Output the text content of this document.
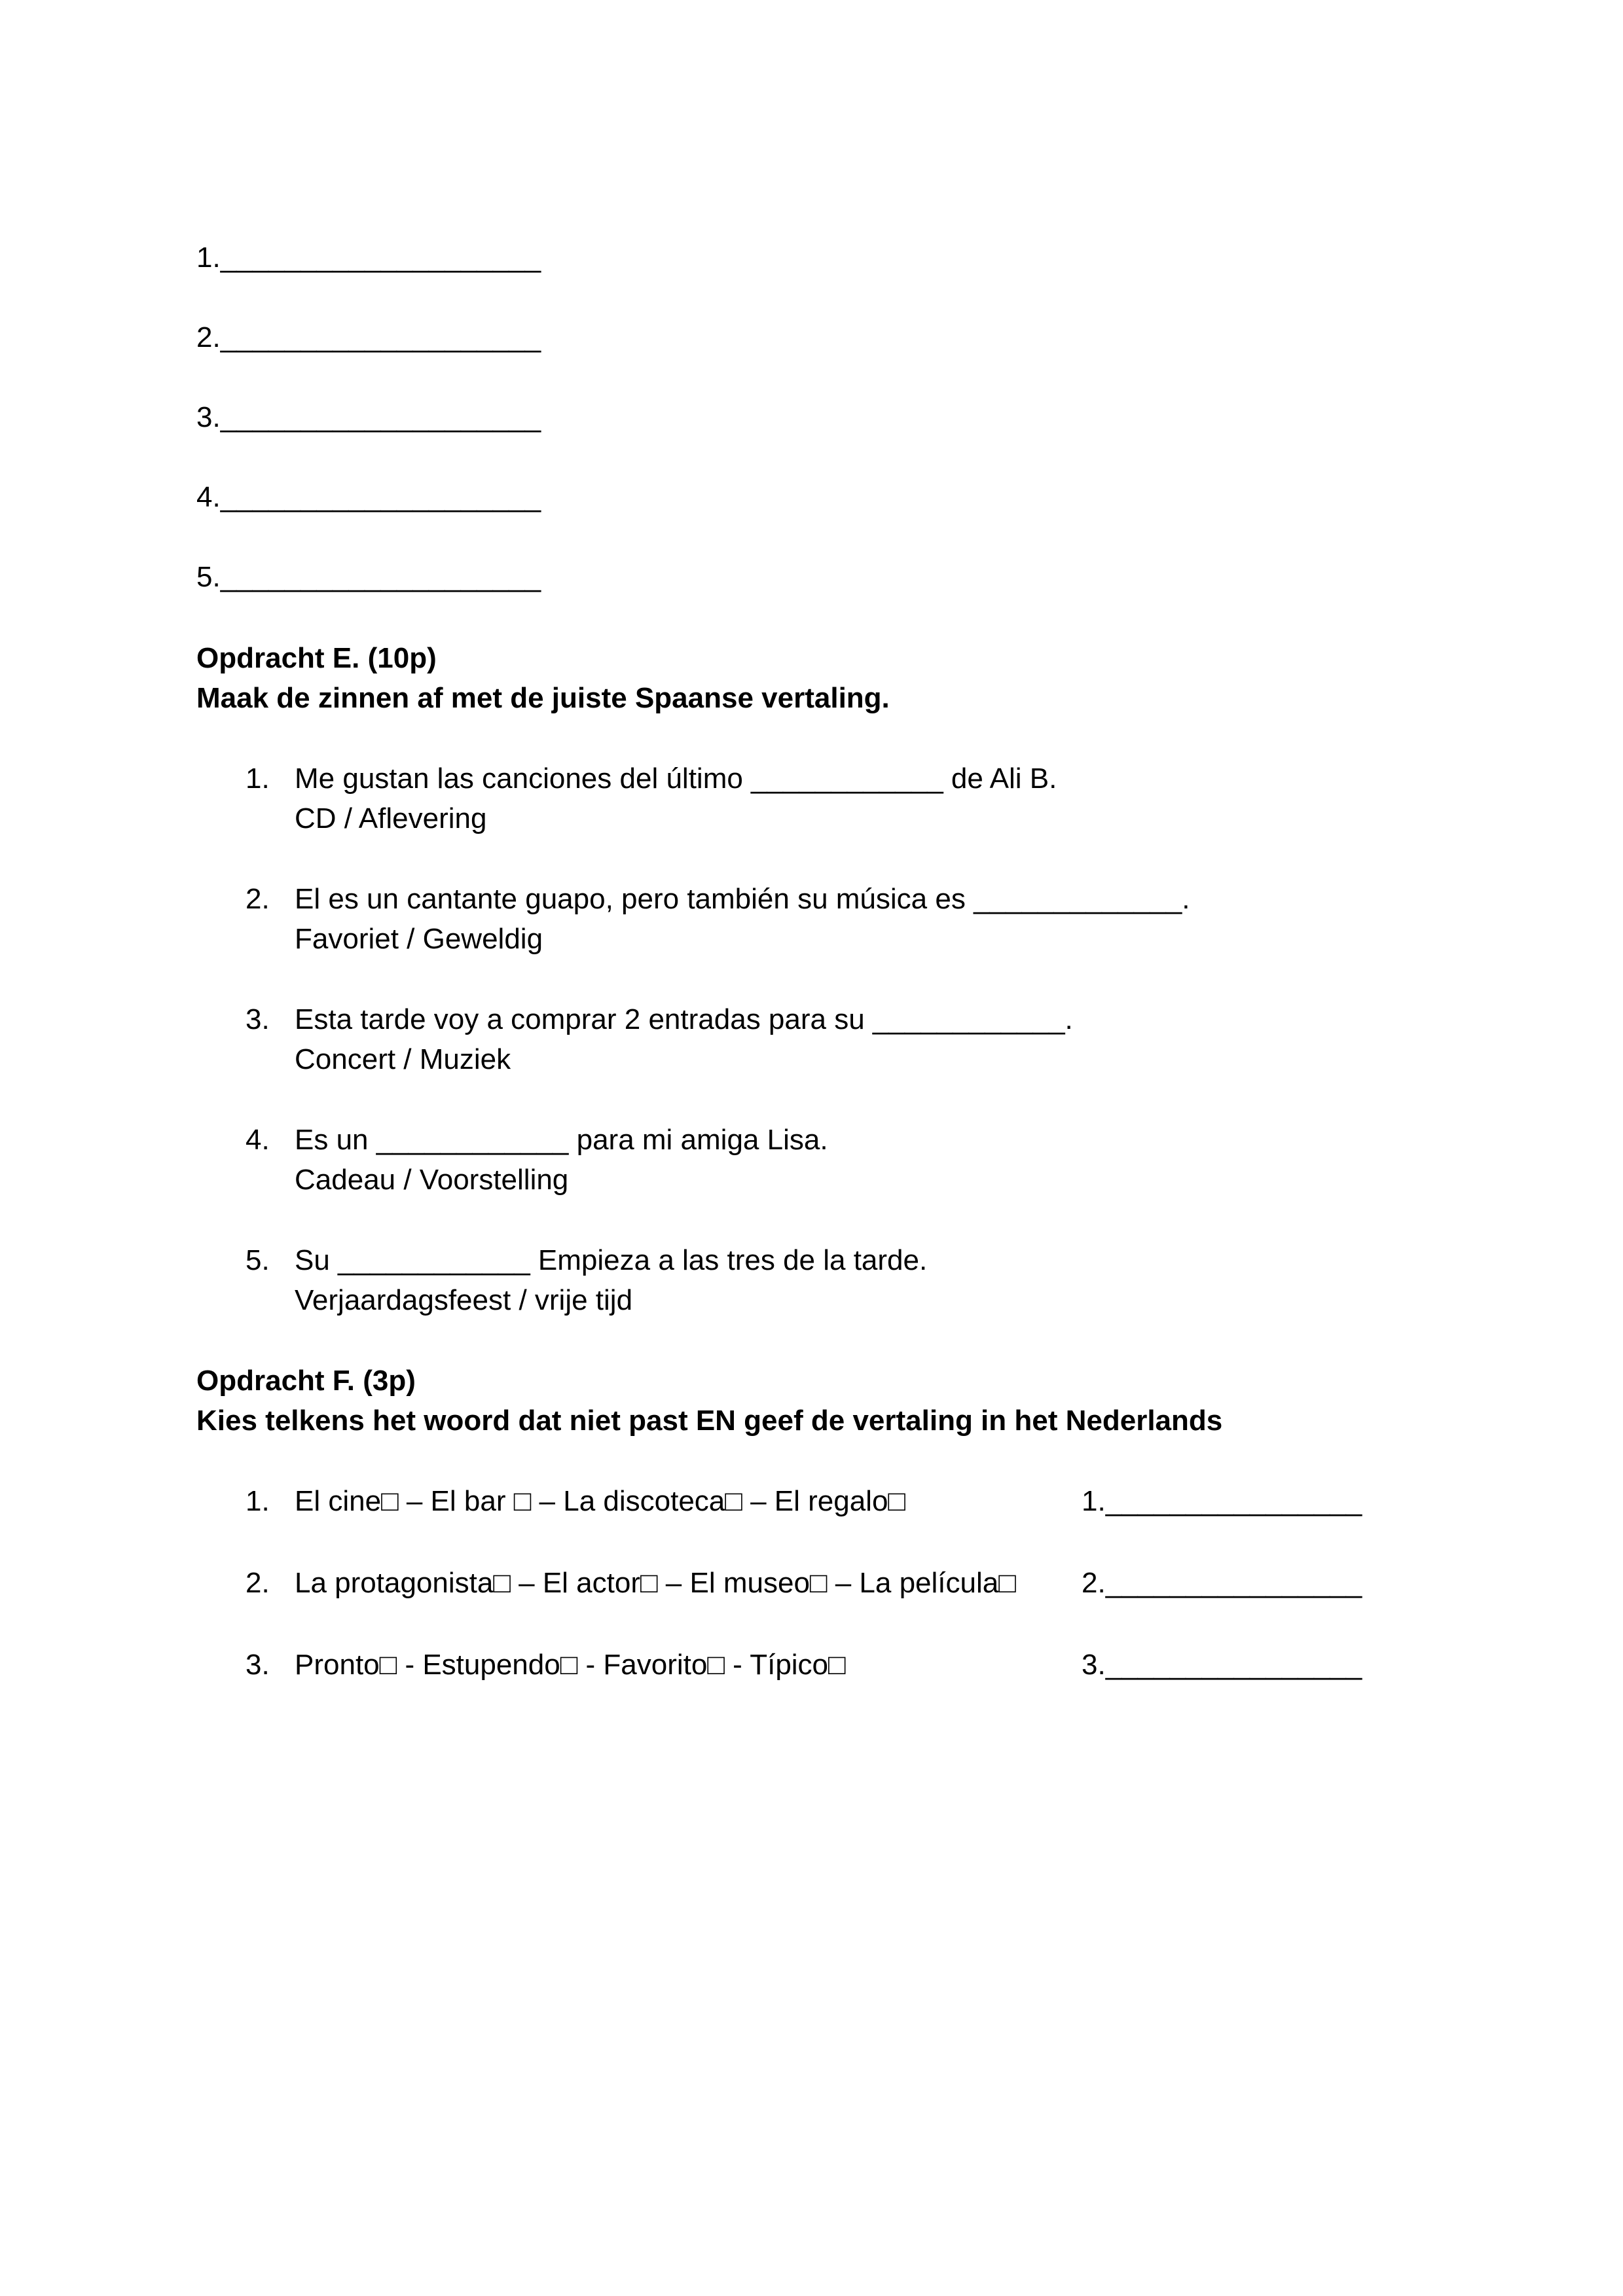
1.____________________
2.____________________
3.____________________
4.____________________
5.____________________
Opdracht E. (10p)
Maak de zinnen af met de juiste Spaanse vertaling.
1. Me gustan las canciones del último ____________ de Ali B.
CD / Aflevering
2. El es un cantante guapo, pero también su música es _____________.
Favoriet / Geweldig
3. Esta tarde voy a comprar 2 entradas para su ____________.
Concert / Muziek
4. Es un ____________ para mi amiga Lisa.
Cadeau / Voorstelling
5. Su ____________ Empieza a las tres de la tarde.
Verjaardagsfeest / vrije tijd
Opdracht F. (3p)
Kies telkens het woord dat niet past EN geef de vertaling in het Nederlands
1. El cine□ – El bar □ – La discoteca□ – El regalo□	1.________________
2. La protagonista□ – El actor□ – El museo□ – La película□ 2.________________
3. Pronto□ - Estupendo□ - Favorito□ - Típico□	3.________________
